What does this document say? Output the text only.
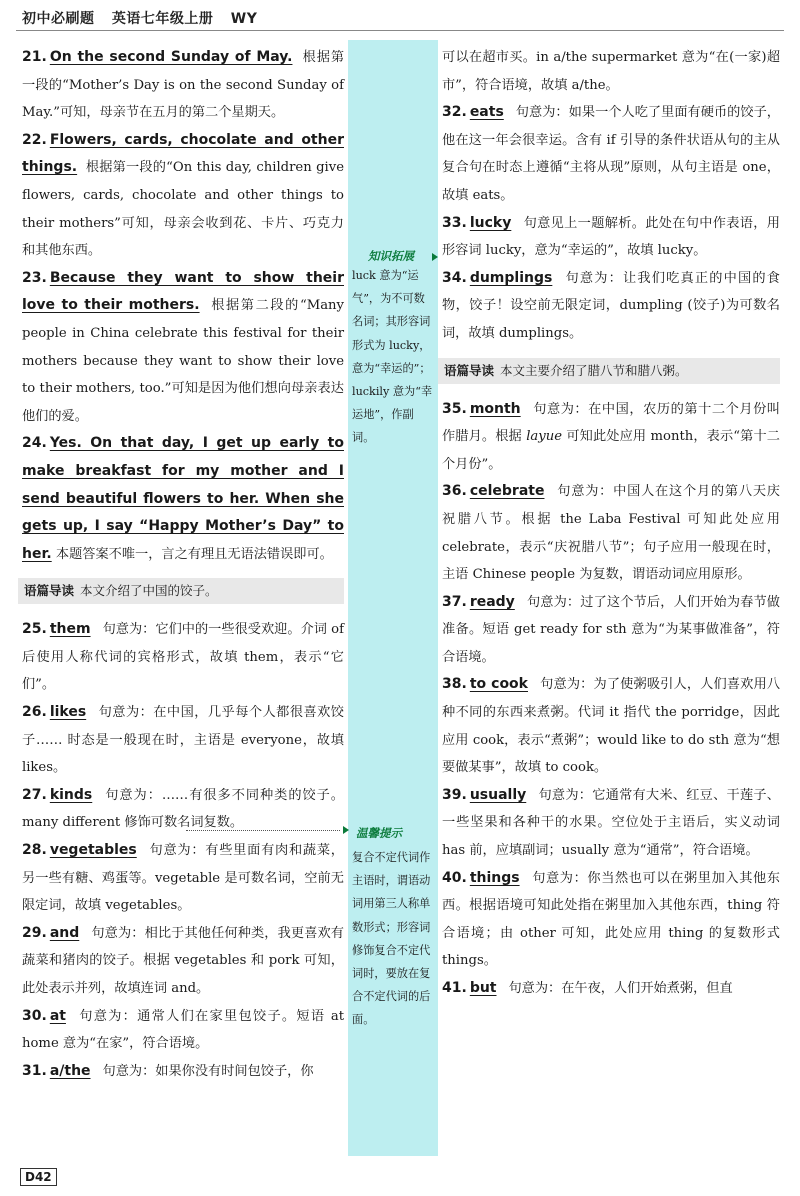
初中必刷题 英语七年级上册 WY
知识拓展
luck 意为“运气”，为不可数名词；其形容词形式为 lucky，意为“幸运的”；luckily 意为“幸运地”，作副词。
温馨提示
复合不定代词作主语时，谓语动词用第三人称单数形式；形容词修饰复合不定代词时，要放在复合不定代词的后面。

21. On the second Sunday of May. 根据第一段的“Mother’s Day is on the second Sunday of May.”可知，母亲节在五月的第二个星期天。

22. Flowers, cards, chocolate and other things. 根据第一段的“On this day, children give flowers, cards, chocolate and other things to their mothers”可知，母亲会收到花、卡片、巧克力和其他东西。

23. Because they want to show their love to their mothers. 根据第二段的“Many people in China celebrate this festival for their mothers because they want to show their love to their mothers, too.”可知是因为他们想向母亲表达他们的爱。

24. Yes. On that day, I get up early to make breakfast for my mother and I send beautiful flowers to her. When she gets up, I say “Happy Mother’s Day” to her. 本题答案不唯一，言之有理且无语法错误即可。

语篇导读 本文介绍了中国的饺子。

25. them 句意为：它们中的一些很受欢迎。介词 of 后使用人称代词的宾格形式，故填 them，表示“它们”。

26. likes 句意为：在中国，几乎每个人都很喜欢饺子…… 时态是一般现在时，主语是 everyone，故填 likes。

27. kinds 句意为：……有很多不同种类的饺子。many different 修饰可数名词复数。

28. vegetables 句意为：有些里面有肉和蔬菜，另一些有糖、鸡蛋等。vegetable 是可数名词，空前无限定词，故填 vegetables。

29. and 句意为：相比于其他任何种类，我更喜欢有蔬菜和猪肉的饺子。根据 vegetables 和 pork 可知，此处表示并列，故填连词 and。

30. at 句意为：通常人们在家里包饺子。短语 at home 意为“在家”，符合语境。

31. a/the 句意为：如果你没有时间包饺子，你

可以在超市买。in a/the supermarket 意为“在(一家)超市”，符合语境，故填 a/the。

32. eats 句意为：如果一个人吃了里面有硬币的饺子，他在这一年会很幸运。含有 if 引导的条件状语从句的主从复合句在时态上遵循“主将从现”原则，从句主语是 one，故填 eats。

33. lucky 句意见上一题解析。此处在句中作表语，用形容词 lucky，意为“幸运的”，故填 lucky。

34. dumplings 句意为：让我们吃真正的中国的食物，饺子！设空前无限定词，dumpling (饺子)为可数名词，故填 dumplings。

语篇导读 本文主要介绍了腊八节和腊八粥。

35. month 句意为：在中国，农历的第十二个月份叫作腊月。根据 layue 可知此处应用 month，表示“第十二个月份”。

36. celebrate 句意为：中国人在这个月的第八天庆祝腊八节。根据 the Laba Festival 可知此处应用 celebrate，表示“庆祝腊八节”；句子应用一般现在时，主语 Chinese people 为复数，谓语动词应用原形。

37. ready 句意为：过了这个节后，人们开始为春节做准备。短语 get ready for sth 意为“为某事做准备”，符合语境。

38. to cook 句意为：为了使粥吸引人，人们喜欢用八种不同的东西来煮粥。代词 it 指代 the porridge，因此应用 cook，表示“煮粥”；would like to do sth 意为“想要做某事”，故填 to cook。

39. usually 句意为：它通常有大米、红豆、干莲子、一些坚果和各种干的水果。空位处于主语后，实义动词 has 前，应填副词；usually 意为“通常”，符合语境。

40. things 句意为：你当然也可以在粥里加入其他东西。根据语境可知此处指在粥里加入其他东西，thing 符合语境；由 other 可知，此处应用 thing 的复数形式 things。

41. but 句意为：在午夜，人们开始煮粥，但直

D42
